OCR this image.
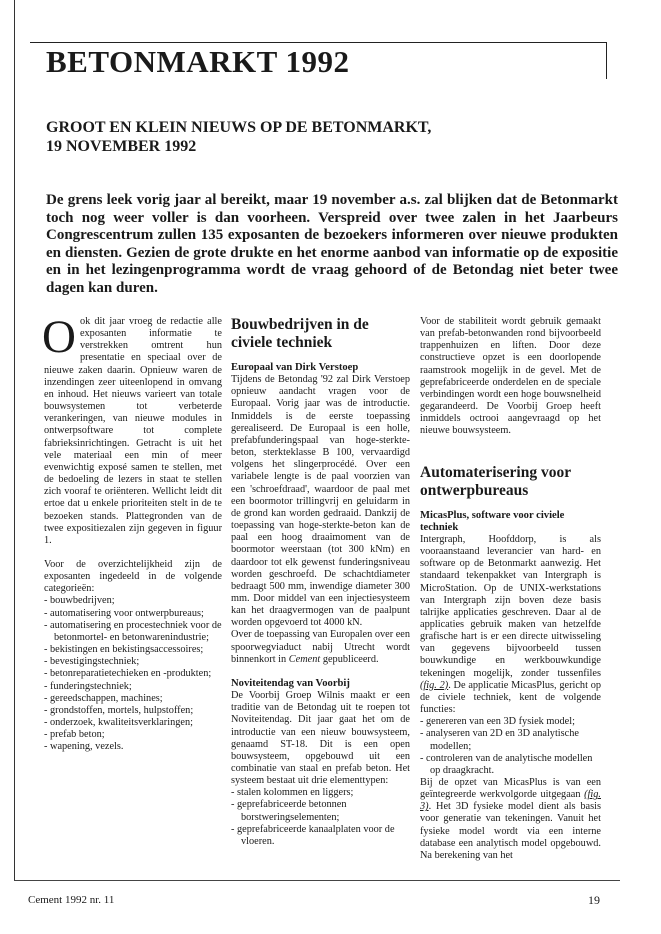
BETONMARKT 1992
GROOT EN KLEIN NIEUWS OP DE BETONMARKT,
19 NOVEMBER 1992

De grens leek vorig jaar al bereikt, maar 19 november a.s. zal blijken dat de Betonmarkt toch nog weer voller is dan voorheen. Verspreid over twee zalen in het Jaarbeurs Congrescentrum zullen 135 exposanten de bezoekers informeren over nieuwe produkten en diensten. Gezien de grote drukte en het enorme aanbod van informatie op de expositie en in het lezingenprogramma wordt de vraag gehoord of de Betondag niet beter twee dagen kan duren.

Ook dit jaar vroeg de redactie alle exposanten informatie te verstrekken omtrent hun presentatie en speciaal over de nieuwe zaken daarin. Opnieuw waren de inzendingen zeer uiteenlopend in omvang en inhoud. Het nieuws varieert van totale bouwsystemen tot verbeterde verankeringen, van nieuwe modules in ontwerpsoftware tot complete fabrieksinrichtingen. Getracht is uit het vele materiaal een min of meer evenwichtig exposé samen te stellen, met de bedoeling de lezers in staat te stellen zich vooraf te oriënteren. Wellicht leidt dit ertoe dat u enkele prioriteiten stelt in de te bezoeken stands. Plattegronden van de twee expositiezalen zijn gegeven in figuur 1.

Voor de overzichtelijkheid zijn de exposanten ingedeeld in de volgende categorieën:

- bouwbedrijven;
- automatisering voor ontwerpbureaus;
- automatisering en procestechniek voor de betonmortel- en betonwarenindustrie;
- bekistingen en bekistingsaccessoires;
- bevestigingstechniek;
- betonreparatietechieken en -produkten;
- funderingstechniek;
- gereedschappen, machines;
- grondstoffen, mortels, hulpstoffen;
- onderzoek, kwaliteitsverklaringen;
- prefab beton;
- wapening, vezels.
Bouwbedrijven in de civiele techniek
Europaal van Dirk Verstoep

Tijdens de Betondag '92 zal Dirk Verstoep opnieuw aandacht vragen voor de Europaal. Vorig jaar was de introductie. Inmiddels is de eerste toepassing gerealiseerd. De Europaal is een holle, prefabfunderingspaal van hoge-sterkte-beton, sterkteklasse B 100, vervaardigd volgens het slingerprocédé. Over een variabele lengte is de paal voorzien van een 'schroefdraad', waardoor de paal met een boormotor trillingvrij en geluidarm in de grond kan worden gedraaid. Dankzij de toepassing van hoge-sterkte-beton kan de paal een hoog draaimoment van de boormotor weerstaan (tot 300 kNm) en daardoor tot elk gewenst funderingsniveau worden geschroefd. De schachtdiameter bedraagt 500 mm, inwendige diameter 300 mm. Door middel van een injectiesysteem kan het draagvermogen van de paalpunt worden opgevoerd tot 4000 kN.

Over de toepassing van Europalen over een spoorwegviaduct nabij Utrecht wordt binnenkort in Cement gepubliceerd.

Noviteitendag van Voorbij

De Voorbij Groep Wilnis maakt er een traditie van de Betondag uit te roepen tot Noviteitendag. Dit jaar gaat het om de introductie van een nieuw bouwsysteem, genaamd ST-18. Dit is een open bouwsysteem, opgebouwd uit een combinatie van staal en prefab beton. Het systeem bestaat uit drie elementtypen:

- stalen kolommen en liggers;
- geprefabriceerde betonnen borstweringselementen;
- geprefabriceerde kanaalplaten voor de vloeren.

Voor de stabiliteit wordt gebruik gemaakt van prefab-betonwanden rond bijvoorbeeld trappenhuizen en liften. Door deze constructieve opzet is een doorlopende raamstrook mogelijk in de gevel. Met de geprefabriceerde onderdelen en de speciale verbindingen wordt een hoge bouwsnelheid gegarandeerd. De Voorbij Groep heeft inmiddels octrooi aangevraagd op het nieuwe bouwsysteem.

Automaterisering voor ontwerpbureaus
MicasPlus, software voor civiele techniek

Intergraph, Hoofddorp, is als vooraanstaand leverancier van hard- en software op de Betonmarkt aanwezig. Het standaard tekenpakket van Intergraph is MicroStation. Op de UNIX-werkstations van Intergraph zijn boven deze basis talrijke applicaties geschreven. Daar al de applicaties gebruik maken van hetzelfde grafische hart is er een directe uitwisseling van gegevens bijvoorbeeld tussen bouwkundige en werkbouwkundige tekeningen mogelijk, zonder tussenfiles (fig. 2). De applicatie MicasPlus, gericht op de civiele techniek, kent de volgende functies:

- genereren van een 3D fysiek model;
- analyseren van 2D en 3D analytische modellen;
- controleren van de analytische modellen op draagkracht.

Bij de opzet van MicasPlus is van een geïntegreerde werkvolgorde uitgegaan (fig. 3). Het 3D fysieke model dient als basis voor generatie van tekeningen. Vanuit het fysieke model wordt via een interne database een analytisch model opgebouwd. Na berekening van het

Cement 1992 nr. 11	19
